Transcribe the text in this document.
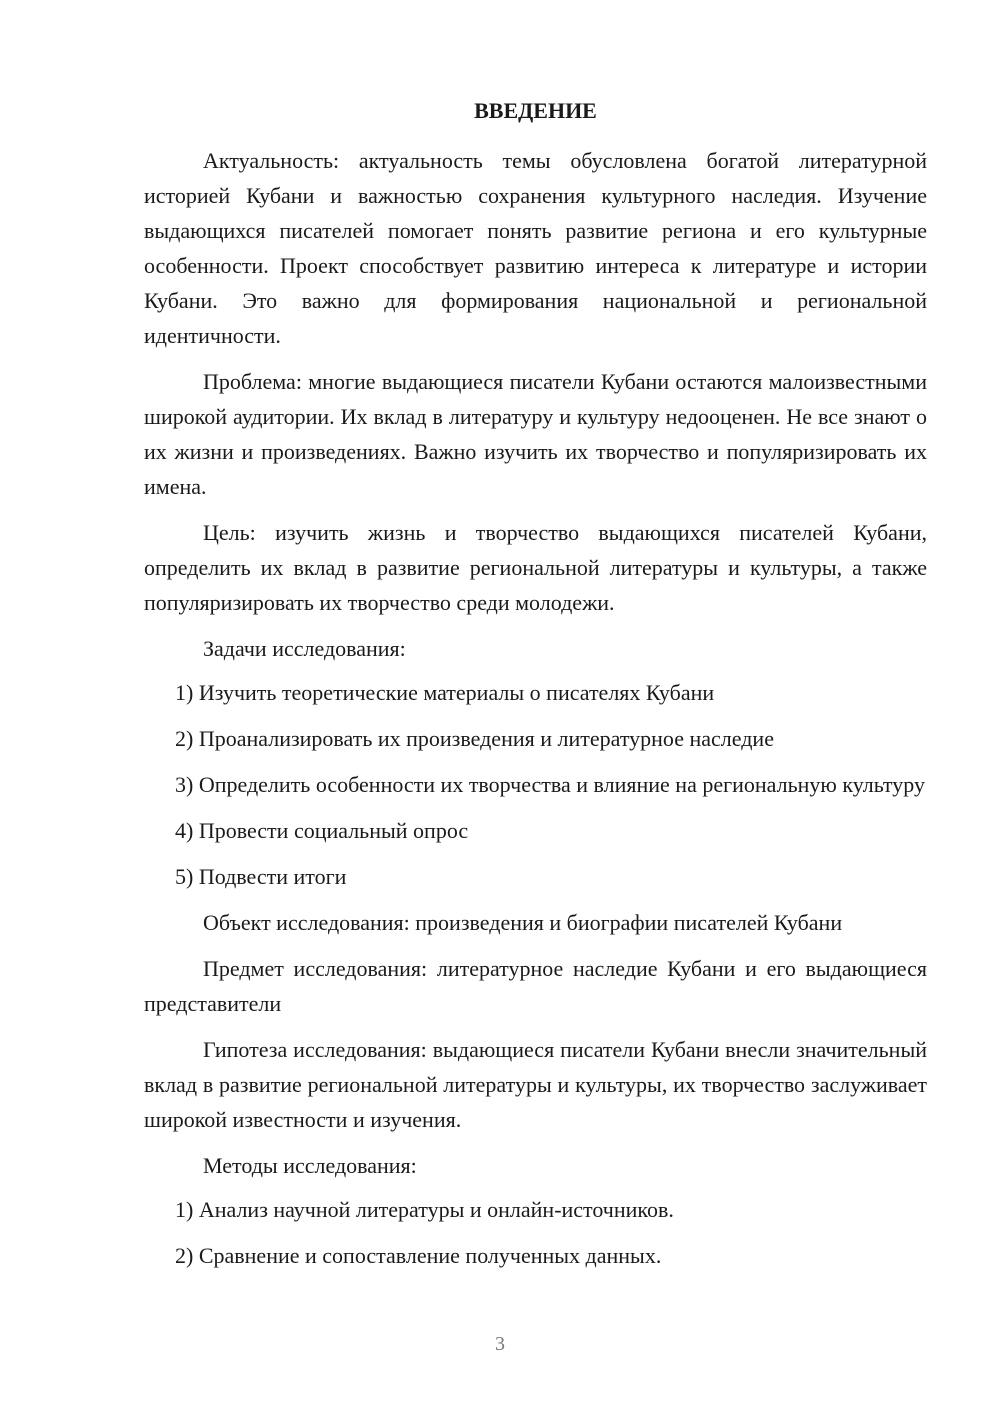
ВВЕДЕНИЕ

Актуальность: актуальность темы обусловлена богатой литературной историей Кубани и важностью сохранения культурного наследия. Изучение выдающихся писателей помогает понять развитие региона и его культурные особенности. Проект способствует развитию интереса к литературе и истории Кубани. Это важно для формирования национальной и региональной идентичности.

Проблема: многие выдающиеся писатели Кубани остаются малоизвестными широкой аудитории. Их вклад в литературу и культуру недооценен. Не все знают о их жизни и произведениях. Важно изучить их творчество и популяризировать их имена.

Цель: изучить жизнь и творчество выдающихся писателей Кубани, определить их вклад в развитие региональной литературы и культуры, а также популяризировать их творчество среди молодежи.

Задачи исследования:

1) Изучить теоретические материалы о писателях Кубани

2) Проанализировать их произведения и литературное наследие

3) Определить особенности их творчества и влияние на региональную культуру

4) Провести социальный опрос

5) Подвести итоги

Объект исследования: произведения и биографии писателей Кубани

Предмет исследования: литературное наследие Кубани и его выдающиеся представители

Гипотеза исследования: выдающиеся писатели Кубани внесли значительный вклад в развитие региональной литературы и культуры, их творчество заслуживает широкой известности и изучения.

Методы исследования:

1) Анализ научной литературы и онлайн-источников.

2) Сравнение и сопоставление полученных данных.

3
